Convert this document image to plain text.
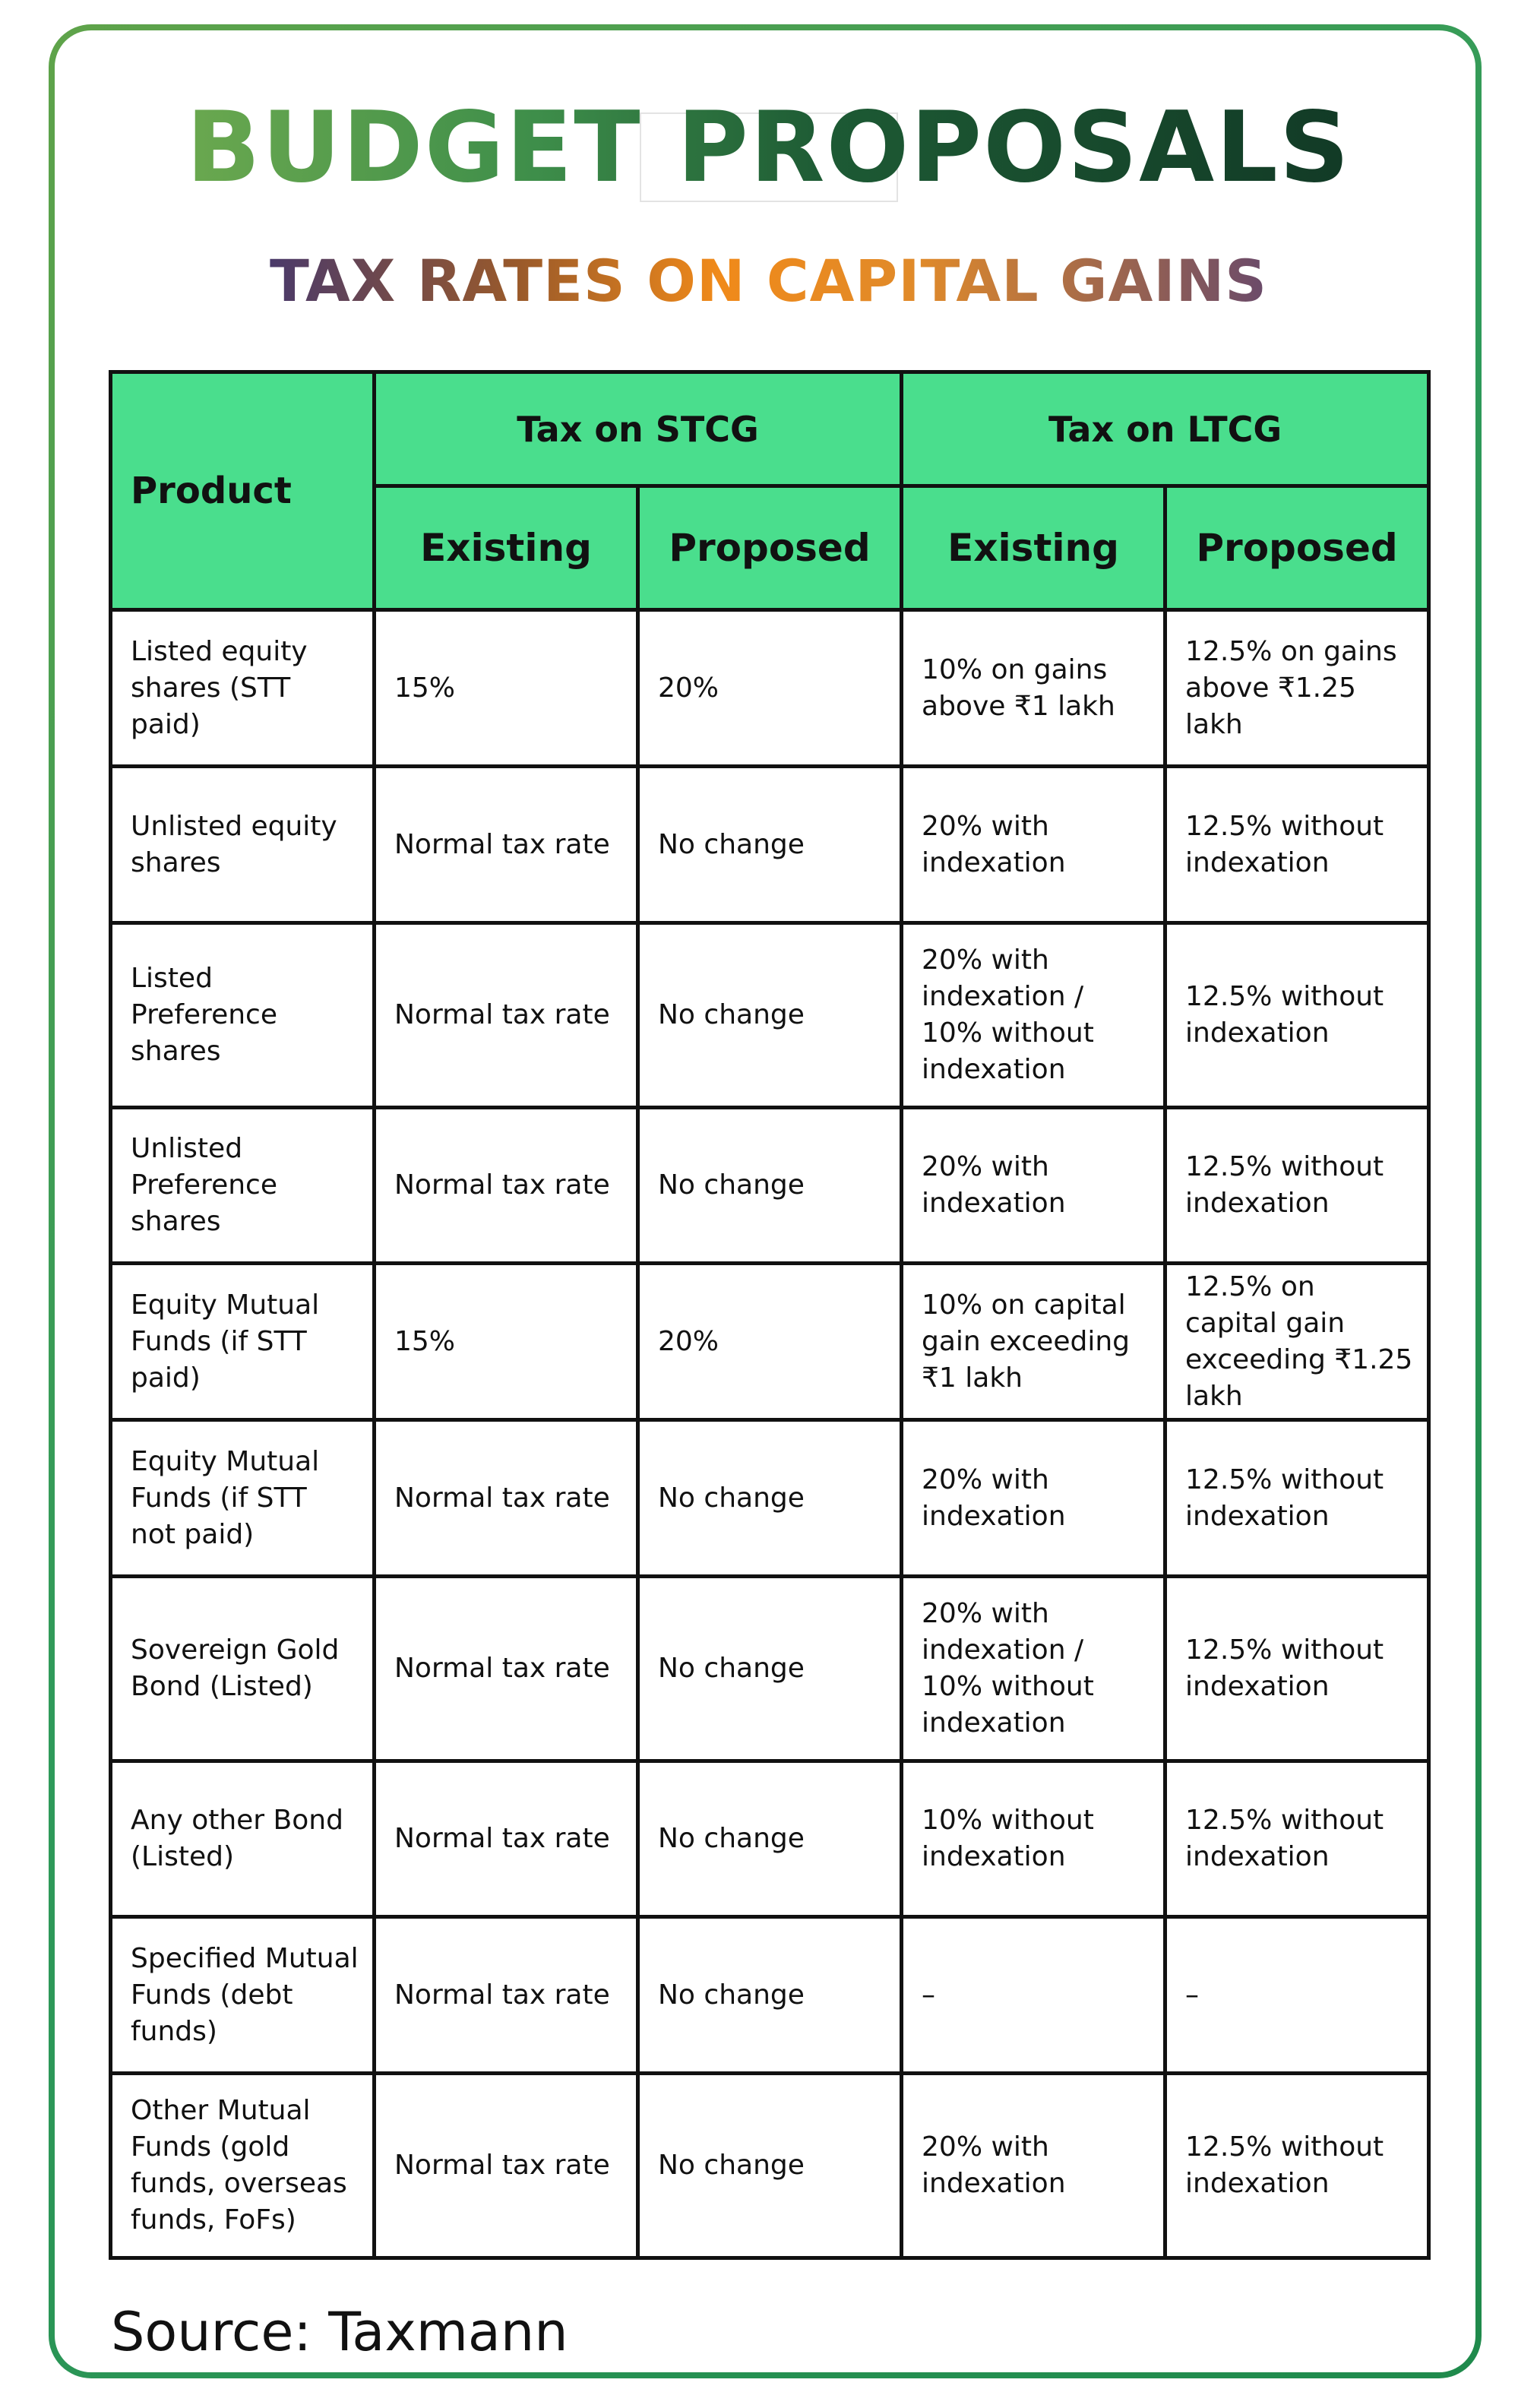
BUDGET PROPOSALS
TAX RATES ON CAPITAL GAINS
Product	Tax on STCG		Tax on LTCG	
	Existing	Proposed	Existing	Proposed
Listed equity shares (STT paid)	15%	20%	10% on gains above ₹1 lakh	12.5% on gains above ₹1.25 lakh
Unlisted equity shares	Normal tax rate	No change	20% with indexation	12.5% without indexation
Listed Preference shares	Normal tax rate	No change	20% with indexation / 10% without indexation	12.5% without indexation
Unlisted Preference shares	Normal tax rate	No change	20% with indexation	12.5% without indexation
Equity Mutual Funds (if STT paid)	15%	20%	10% on capital gain exceeding ₹1 lakh	12.5% on capital gain exceeding ₹1.25 lakh
Equity Mutual Funds (if STT not paid)	Normal tax rate	No change	20% with indexation	12.5% without indexation
Sovereign Gold Bond (Listed)	Normal tax rate	No change	20% with indexation / 10% without indexation	12.5% without indexation
Any other Bond (Listed)	Normal tax rate	No change	10% without indexation	12.5% without indexation
Specified Mutual Funds (debt funds)	Normal tax rate	No change	–	–
Other Mutual Funds (gold funds, overseas funds, FoFs)	Normal tax rate	No change	20% with indexation	12.5% without indexation

Source: Taxmann
